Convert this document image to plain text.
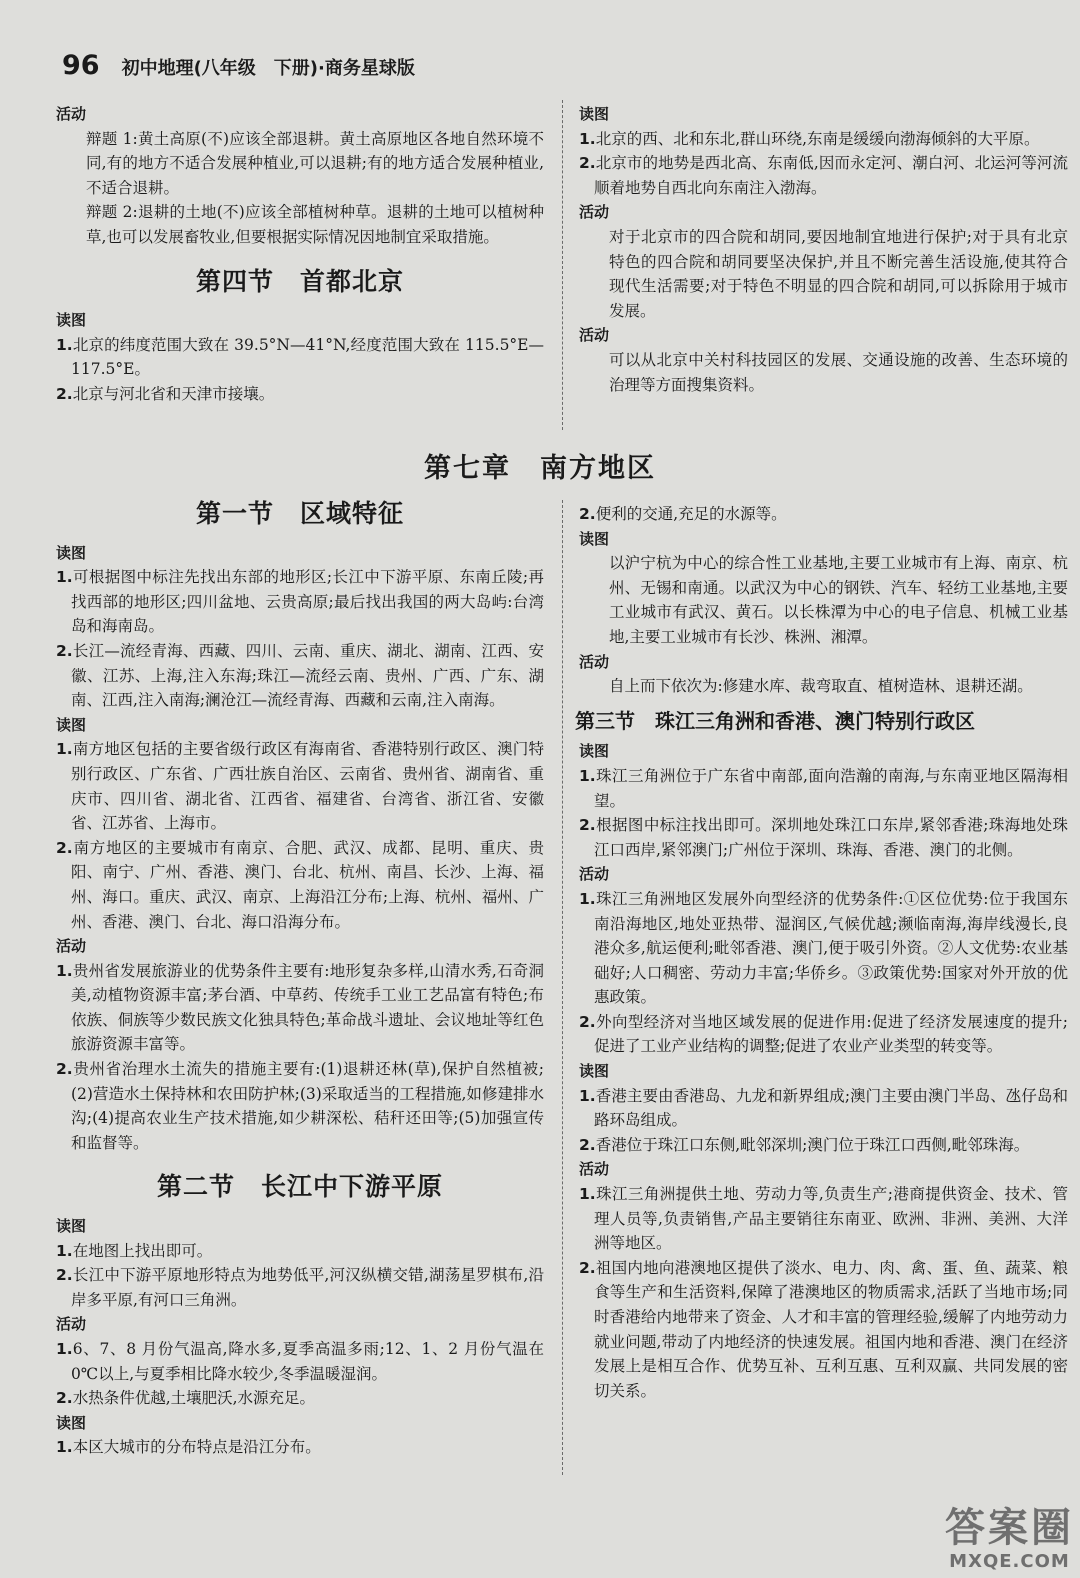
96 初中地理(八年级　下册)·商务星球版
活动

辩题 1:黄土高原(不)应该全部退耕。黄土高原地区各地自然环境不同,有的地方不适合发展种植业,可以退耕;有的地方适合发展种植业,不适合退耕。

辩题 2:退耕的土地(不)应该全部植树种草。退耕的土地可以植树种草,也可以发展畜牧业,但要根据实际情况因地制宜采取措施。

第四节　首都北京
读图

1.北京的纬度范围大致在 39.5°N—41°N,经度范围大致在 115.5°E—117.5°E。

2.北京与河北省和天津市接壤。

读图

1.北京的西、北和东北,群山环绕,东南是缓缓向渤海倾斜的大平原。

2.北京市的地势是西北高、东南低,因而永定河、潮白河、北运河等河流顺着地势自西北向东南注入渤海。

活动

对于北京市的四合院和胡同,要因地制宜地进行保护;对于具有北京特色的四合院和胡同要坚决保护,并且不断完善生活设施,使其符合现代生活需要;对于特色不明显的四合院和胡同,可以拆除用于城市发展。

活动

可以从北京中关村科技园区的发展、交通设施的改善、生态环境的治理等方面搜集资料。

第七章　南方地区
第一节　区域特征
读图

1.可根据图中标注先找出东部的地形区;长江中下游平原、东南丘陵;再找西部的地形区;四川盆地、云贵高原;最后找出我国的两大岛屿:台湾岛和海南岛。

2.长江—流经青海、西藏、四川、云南、重庆、湖北、湖南、江西、安徽、江苏、上海,注入东海;珠江—流经云南、贵州、广西、广东、湖南、江西,注入南海;澜沧江—流经青海、西藏和云南,注入南海。

读图

1.南方地区包括的主要省级行政区有海南省、香港特别行政区、澳门特别行政区、广东省、广西壮族自治区、云南省、贵州省、湖南省、重庆市、四川省、湖北省、江西省、福建省、台湾省、浙江省、安徽省、江苏省、上海市。

2.南方地区的主要城市有南京、合肥、武汉、成都、昆明、重庆、贵阳、南宁、广州、香港、澳门、台北、杭州、南昌、长沙、上海、福州、海口。重庆、武汉、南京、上海沿江分布;上海、杭州、福州、广州、香港、澳门、台北、海口沿海分布。

活动

1.贵州省发展旅游业的优势条件主要有:地形复杂多样,山清水秀,石奇洞美,动植物资源丰富;茅台酒、中草药、传统手工业工艺品富有特色;布依族、侗族等少数民族文化独具特色;革命战斗遗址、会议地址等红色旅游资源丰富等。

2.贵州省治理水土流失的措施主要有:(1)退耕还林(草),保护自然植被;(2)营造水土保持林和农田防护林;(3)采取适当的工程措施,如修建排水沟;(4)提高农业生产技术措施,如少耕深松、秸秆还田等;(5)加强宣传和监督等。

第二节　长江中下游平原
读图

1.在地图上找出即可。

2.长江中下游平原地形特点为地势低平,河汉纵横交错,湖荡星罗棋布,沿岸多平原,有河口三角洲。

活动

1.6、7、8 月份气温高,降水多,夏季高温多雨;12、1、2 月份气温在 0℃以上,与夏季相比降水较少,冬季温暖湿润。

2.水热条件优越,土壤肥沃,水源充足。

读图

1.本区大城市的分布特点是沿江分布。

2.便利的交通,充足的水源等。

读图

以沪宁杭为中心的综合性工业基地,主要工业城市有上海、南京、杭州、无锡和南通。以武汉为中心的钢铁、汽车、轻纺工业基地,主要工业城市有武汉、黄石。以长株潭为中心的电子信息、机械工业基地,主要工业城市有长沙、株洲、湘潭。

活动

自上而下依次为:修建水库、裁弯取直、植树造林、退耕还湖。

第三节　珠江三角洲和香港、澳门特别行政区
读图

1.珠江三角洲位于广东省中南部,面向浩瀚的南海,与东南亚地区隔海相望。

2.根据图中标注找出即可。深圳地处珠江口东岸,紧邻香港;珠海地处珠江口西岸,紧邻澳门;广州位于深圳、珠海、香港、澳门的北侧。

活动

1.珠江三角洲地区发展外向型经济的优势条件:①区位优势:位于我国东南沿海地区,地处亚热带、湿润区,气候优越;濒临南海,海岸线漫长,良港众多,航运便利;毗邻香港、澳门,便于吸引外资。②人文优势:农业基础好;人口稠密、劳动力丰富;华侨乡。③政策优势:国家对外开放的优惠政策。

2.外向型经济对当地区域发展的促进作用:促进了经济发展速度的提升;促进了工业产业结构的调整;促进了农业产业类型的转变等。

读图

1.香港主要由香港岛、九龙和新界组成;澳门主要由澳门半岛、氹仔岛和路环岛组成。

2.香港位于珠江口东侧,毗邻深圳;澳门位于珠江口西侧,毗邻珠海。

活动

1.珠江三角洲提供土地、劳动力等,负责生产;港商提供资金、技术、管理人员等,负责销售,产品主要销往东南亚、欧洲、非洲、美洲、大洋洲等地区。

2.祖国内地向港澳地区提供了淡水、电力、肉、禽、蛋、鱼、蔬菜、粮食等生产和生活资料,保障了港澳地区的物质需求,活跃了当地市场;同时香港给内地带来了资金、人才和丰富的管理经验,缓解了内地劳动力就业问题,带动了内地经济的快速发展。祖国内地和香港、澳门在经济发展上是相互合作、优势互补、互利互惠、互利双赢、共同发展的密切关系。

答案圈
MXQE.COM
